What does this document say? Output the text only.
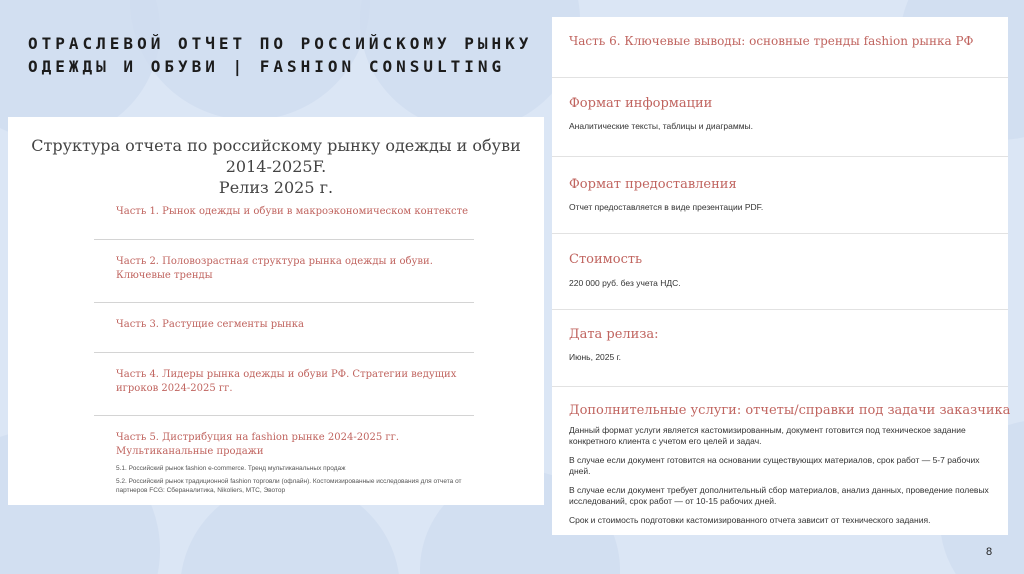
ОТРАСЛЕВОЙ ОТЧЕТ ПО РОССИЙСКОМУ РЫНКУ ОДЕЖДЫ И ОБУВИ | FASHION CONSULTING
Структура отчета по российскому рынку одежды и обуви 2014-2025F.
Релиз 2025 г.
Часть 1. Рынок одежды и обуви в макроэкономическом контексте
Часть 2. Половозрастная структура рынка одежды и обуви. Ключевые тренды
Часть 3. Растущие сегменты рынка
Часть 4. Лидеры рынка одежды и обуви РФ. Стратегии ведущих игроков 2024-2025 гг.
Часть 5. Дистрибуция на fashion рынке 2024-2025 гг. Мультиканальные продажи
5.1. Российский рынок fashion e-commerce. Тренд мультиканальных продаж
5.2. Российский рынок традиционной fashion торговли (офлайн). Костомизированные исследования для отчета от партнеров FCG: Сбераналитика, Nikoliers, МТС, Эвотор
Часть 6. Ключевые выводы: основные тренды fashion рынка РФ
Формат информации
Аналитические тексты, таблицы и диаграммы.
Формат предоставления
Отчет предоставляется в виде презентации PDF.
Стоимость
220 000 руб. без учета НДС.
Дата релиза:
Июнь, 2025 г.
Дополнительные услуги: отчеты/справки под задачи заказчика
Данный формат услуги является кастомизированным, документ готовится под техническое задание конкретного клиента с учетом его целей и задач.
В случае если документ готовится на основании существующих материалов, срок работ — 5-7 рабочих дней.
В случае если документ требует дополнительный сбор материалов, анализ данных, проведение полевых исследований, срок работ — от 10-15 рабочих дней.
Срок и стоимость подготовки кастомизированного отчета зависит от технического задания.
8
